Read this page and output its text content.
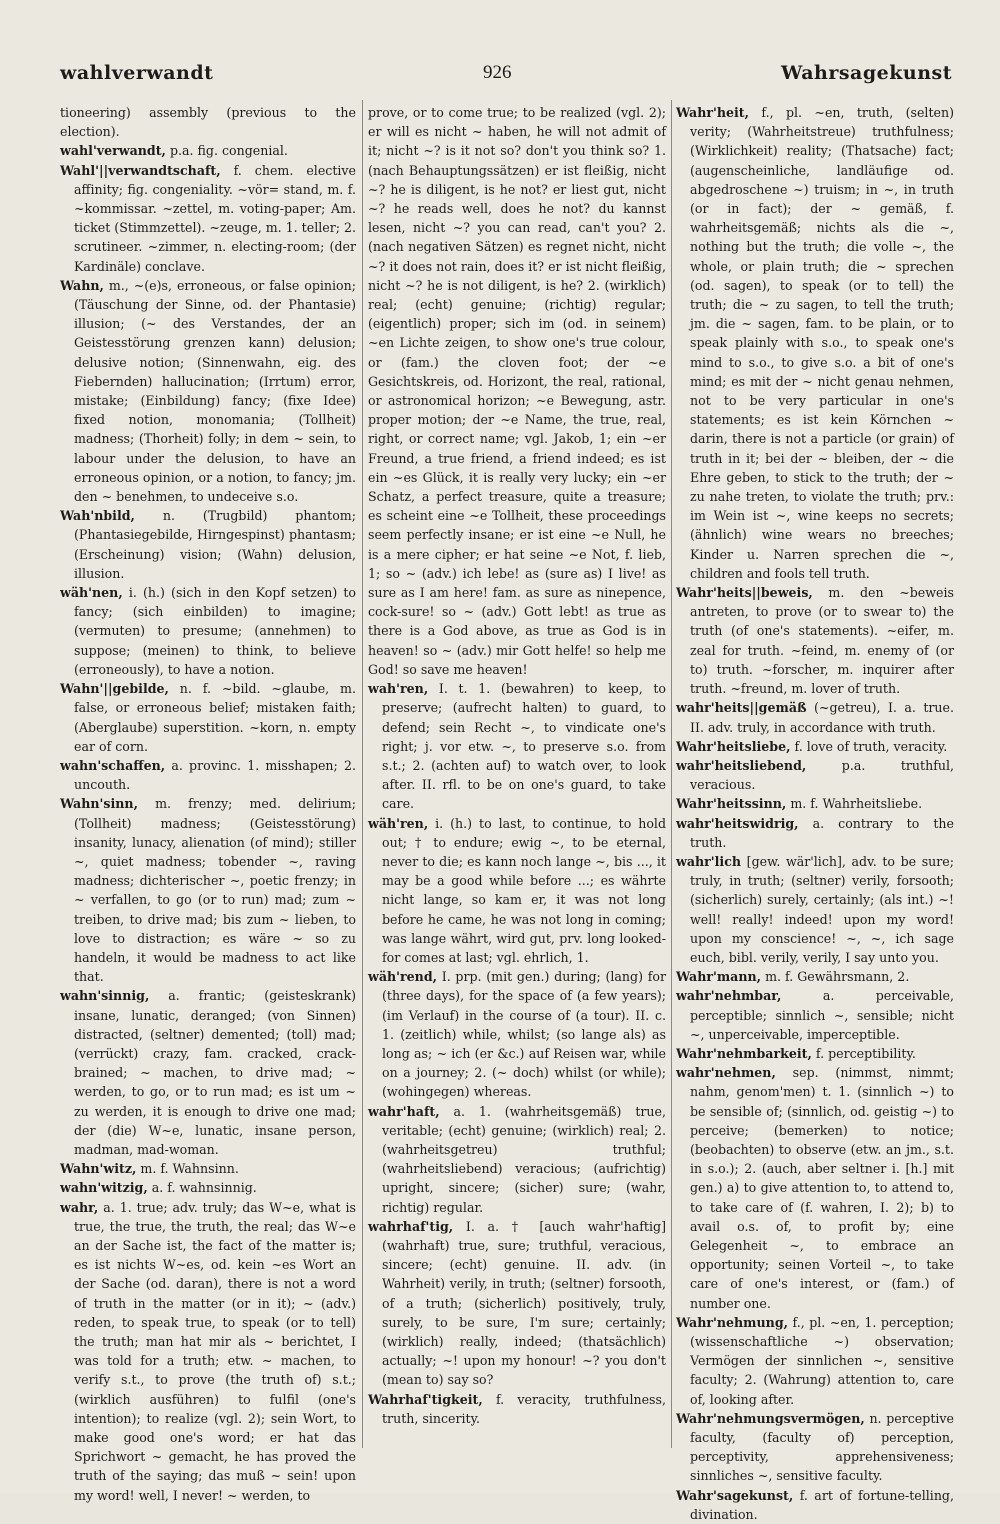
wahlverwandt	926	Wahrsagekunst

tioneering) assembly (previous to the election).

wahl'verwandt, p.a. fig. congenial.

Wahl'||verwandtschaft, f. chem. elective affinity; fig. congeniality. ~vör= stand, m. f. ~kommissar. ~zettel, m. voting-paper; Am. ticket (Stimmzettel). ~zeuge, m. 1. teller; 2. scrutineer. ~zimmer, n. electing-room; (der Kardinäle) conclave.

Wahn, m., ~(e)s, erroneous, or false opinion; (Täuschung der Sinne, od. der Phantasie) illusion; (~ des Verstandes, der an Geistesstörung grenzen kann) delusion; delusive notion; (Sinnenwahn, eig. des Fiebernden) hallucination; (Irrtum) error, mistake; (Einbildung) fancy; (fixe Idee) fixed notion, monomania; (Tollheit) madness; (Thorheit) folly; in dem ~ sein, to labour under the delusion, to have an erroneous opinion, or a notion, to fancy; jm. den ~ benehmen, to undeceive s.o.

Wah'nbild, n. (Trugbild) phantom; (Phantasiegebilde, Hirngespinst) phantasm; (Erscheinung) vision; (Wahn) delusion, illusion.

wäh'nen, i. (h.) (sich in den Kopf setzen) to fancy; (sich einbilden) to imagine; (vermuten) to presume; (annehmen) to suppose; (meinen) to think, to believe (erroneously), to have a notion.

Wahn'||gebilde, n. f. ~bild. ~glaube, m. false, or erroneous belief; mistaken faith; (Aberglaube) superstition. ~korn, n. empty ear of corn.

wahn'schaffen, a. provinc. 1. misshapen; 2. uncouth.

Wahn'sinn, m. frenzy; med. delirium; (Tollheit) madness; (Geistesstörung) insanity, lunacy, alienation (of mind); stiller ~, quiet madness; tobender ~, raving madness; dichterischer ~, poetic frenzy; in ~ verfallen, to go (or to run) mad; zum ~ treiben, to drive mad; bis zum ~ lieben, to love to distraction; es wäre ~ so zu handeln, it would be madness to act like that.

wahn'sinnig, a. frantic; (geisteskrank) insane, lunatic, deranged; (von Sinnen) distracted, (seltner) demented; (toll) mad; (verrückt) crazy, fam. cracked, crack-brained; ~ machen, to drive mad; ~ werden, to go, or to run mad; es ist um ~ zu werden, it is enough to drive one mad; der (die) W~e, lunatic, insane person, madman, mad-woman.

Wahn'witz, m. f. Wahnsinn.

wahn'witzig, a. f. wahnsinnig.

wahr, a. 1. true; adv. truly; das W~e, what is true, the true, the truth, the real; das W~e an der Sache ist, the fact of the matter is; es ist nichts W~es, od. kein ~es Wort an der Sache (od. daran), there is not a word of truth in the matter (or in it); ~ (adv.) reden, to speak true, to speak (or to tell) the truth; man hat mir als ~ berichtet, I was told for a truth; etw. ~ machen, to verify s.t., to prove (the truth of) s.t.; (wirklich ausführen) to fulfil (one's intention); to realize (vgl. 2); sein Wort, to make good one's word; er hat das Sprichwort ~ gemacht, he has proved the truth of the saying; das muß ~ sein! upon my word! well, I never! ~ werden, to

prove, or to come true; to be realized (vgl. 2); er will es nicht ~ haben, he will not admit of it; nicht ~? is it not so? don't you think so? 1. (nach Behauptungssätzen) er ist fleißig, nicht ~? he is diligent, is he not? er liest gut, nicht ~? he reads well, does he not? du kannst lesen, nicht ~? you can read, can't you? 2. (nach negativen Sätzen) es regnet nicht, nicht ~? it does not rain, does it? er ist nicht fleißig, nicht ~? he is not diligent, is he? 2. (wirklich) real; (echt) genuine; (richtig) regular; (eigentlich) proper; sich im (od. in seinem) ~en Lichte zeigen, to show one's true colour, or (fam.) the cloven foot; der ~e Gesichtskreis, od. Horizont, the real, rational, or astronomical horizon; ~e Bewegung, astr. proper motion; der ~e Name, the true, real, right, or correct name; vgl. Jakob, 1; ein ~er Freund, a true friend, a friend indeed; es ist ein ~es Glück, it is really very lucky; ein ~er Schatz, a perfect treasure, quite a treasure; es scheint eine ~e Tollheit, these proceedings seem perfectly insane; er ist eine ~e Null, he is a mere cipher; er hat seine ~e Not, f. lieb, 1; so ~ (adv.) ich lebe! as (sure as) I live! as sure as I am here! fam. as sure as ninepence, cock-sure! so ~ (adv.) Gott lebt! as true as there is a God above, as true as God is in heaven! so ~ (adv.) mir Gott helfe! so help me God! so save me heaven!

wah'ren, I. t. 1. (bewahren) to keep, to preserve; (aufrecht halten) to guard, to defend; sein Recht ~, to vindicate one's right; j. vor etw. ~, to preserve s.o. from s.t.; 2. (achten auf) to watch over, to look after. II. rfl. to be on one's guard, to take care.

wäh'ren, i. (h.) to last, to continue, to hold out; † to endure; ewig ~, to be eternal, never to die; es kann noch lange ~, bis ..., it may be a good while before ...; es währte nicht lange, so kam er, it was not long before he came, he was not long in coming; was lange währt, wird gut, prv. long looked-for comes at last; vgl. ehrlich, 1.

wäh'rend, I. prp. (mit gen.) during; (lang) for (three days), for the space of (a few years); (im Verlauf) in the course of (a tour). II. c. 1. (zeitlich) while, whilst; (so lange als) as long as; ~ ich (er &c.) auf Reisen war, while on a journey; 2. (~ doch) whilst (or while); (wohingegen) whereas.

wahr'haft, a. 1. (wahrheitsgemäß) true, veritable; (echt) genuine; (wirklich) real; 2. (wahrheitsgetreu) truthful; (wahrheitsliebend) veracious; (aufrichtig) upright, sincere; (sicher) sure; (wahr, richtig) regular.

wahrhaf'tig, I. a. † [auch wahr'haftig] (wahrhaft) true, sure; truthful, veracious, sincere; (echt) genuine. II. adv. (in Wahrheit) verily, in truth; (seltner) forsooth, of a truth; (sicherlich) positively, truly, surely, to be sure, I'm sure; certainly; (wirklich) really, indeed; (thatsächlich) actually; ~! upon my honour! ~? you don't (mean to) say so?

Wahrhaf'tigkeit, f. veracity, truthfulness, truth, sincerity.

Wahr'heit, f., pl. ~en, truth, (selten) verity; (Wahrheitstreue) truthfulness; (Wirklichkeit) reality; (Thatsache) fact; (augenscheinliche, landläufige od. abgedroschene ~) truism; in ~, in truth (or in fact); der ~ gemäß, f. wahrheitsgemäß; nichts als die ~, nothing but the truth; die volle ~, the whole, or plain truth; die ~ sprechen (od. sagen), to speak (or to tell) the truth; die ~ zu sagen, to tell the truth; jm. die ~ sagen, fam. to be plain, or to speak plainly with s.o., to speak one's mind to s.o., to give s.o. a bit of one's mind; es mit der ~ nicht genau nehmen, not to be very particular in one's statements; es ist kein Körnchen ~ darin, there is not a particle (or grain) of truth in it; bei der ~ bleiben, der ~ die Ehre geben, to stick to the truth; der ~ zu nahe treten, to violate the truth; prv.: im Wein ist ~, wine keeps no secrets; (ähnlich) wine wears no breeches; Kinder u. Narren sprechen die ~, children and fools tell truth.

Wahr'heits||beweis, m. den ~beweis antreten, to prove (or to swear to) the truth (of one's statements). ~eifer, m. zeal for truth. ~feind, m. enemy of (or to) truth. ~forscher, m. inquirer after truth. ~freund, m. lover of truth.

wahr'heits||gemäß (~getreu), I. a. true. II. adv. truly, in accordance with truth.

Wahr'heitsliebe, f. love of truth, veracity.

wahr'heitsliebend,	p.a. truthful, veracious.

Wahr'heitssinn, m. f. Wahrheitsliebe.

wahr'heitswidrig, a. contrary to the truth.

wahr'lich [gew. wär'lich], adv. to be sure; truly, in truth; (seltner) verily, forsooth; (sicherlich) surely, certainly; (als int.) ~! well! really! indeed! upon my word! upon my conscience! ~, ~, ich sage euch, bibl. verily, verily, I say unto you.

Wahr'mann, m. f. Gewährsmann, 2.

wahr'nehmbar,	a. perceivable, perceptible; sinnlich ~, sensible; nicht ~, unperceivable, imperceptible.

Wahr'nehmbarkeit, f. perceptibility.

wahr'nehmen, sep. (nimmst, nimmt; nahm, genom'men) t. 1. (sinnlich ~) to be sensible of; (sinnlich, od. geistig ~) to perceive; (bemerken) to notice; (beobachten) to observe (etw. an jm., s.t. in s.o.); 2. (auch, aber seltner i. [h.] mit gen.) a) to give attention to, to attend to, to take care of (f. wahren, I. 2); b) to avail o.s. of, to profit by; eine Gelegenheit ~, to embrace an opportunity; seinen Vorteil ~, to take care of one's interest, or (fam.) of number one.

Wahr'nehmung, f., pl. ~en, 1. perception; (wissenschaftliche ~) observation; Vermögen der sinnlichen ~, sensitive faculty; 2. (Wahrung) attention to, care of, looking after.

Wahr'nehmungsvermögen, n. perceptive faculty, (faculty of) perception, perceptivity, apprehensiveness; sinnliches ~, sensitive faculty.

Wahr'sagekunst, f. art of fortune-telling, divination.
